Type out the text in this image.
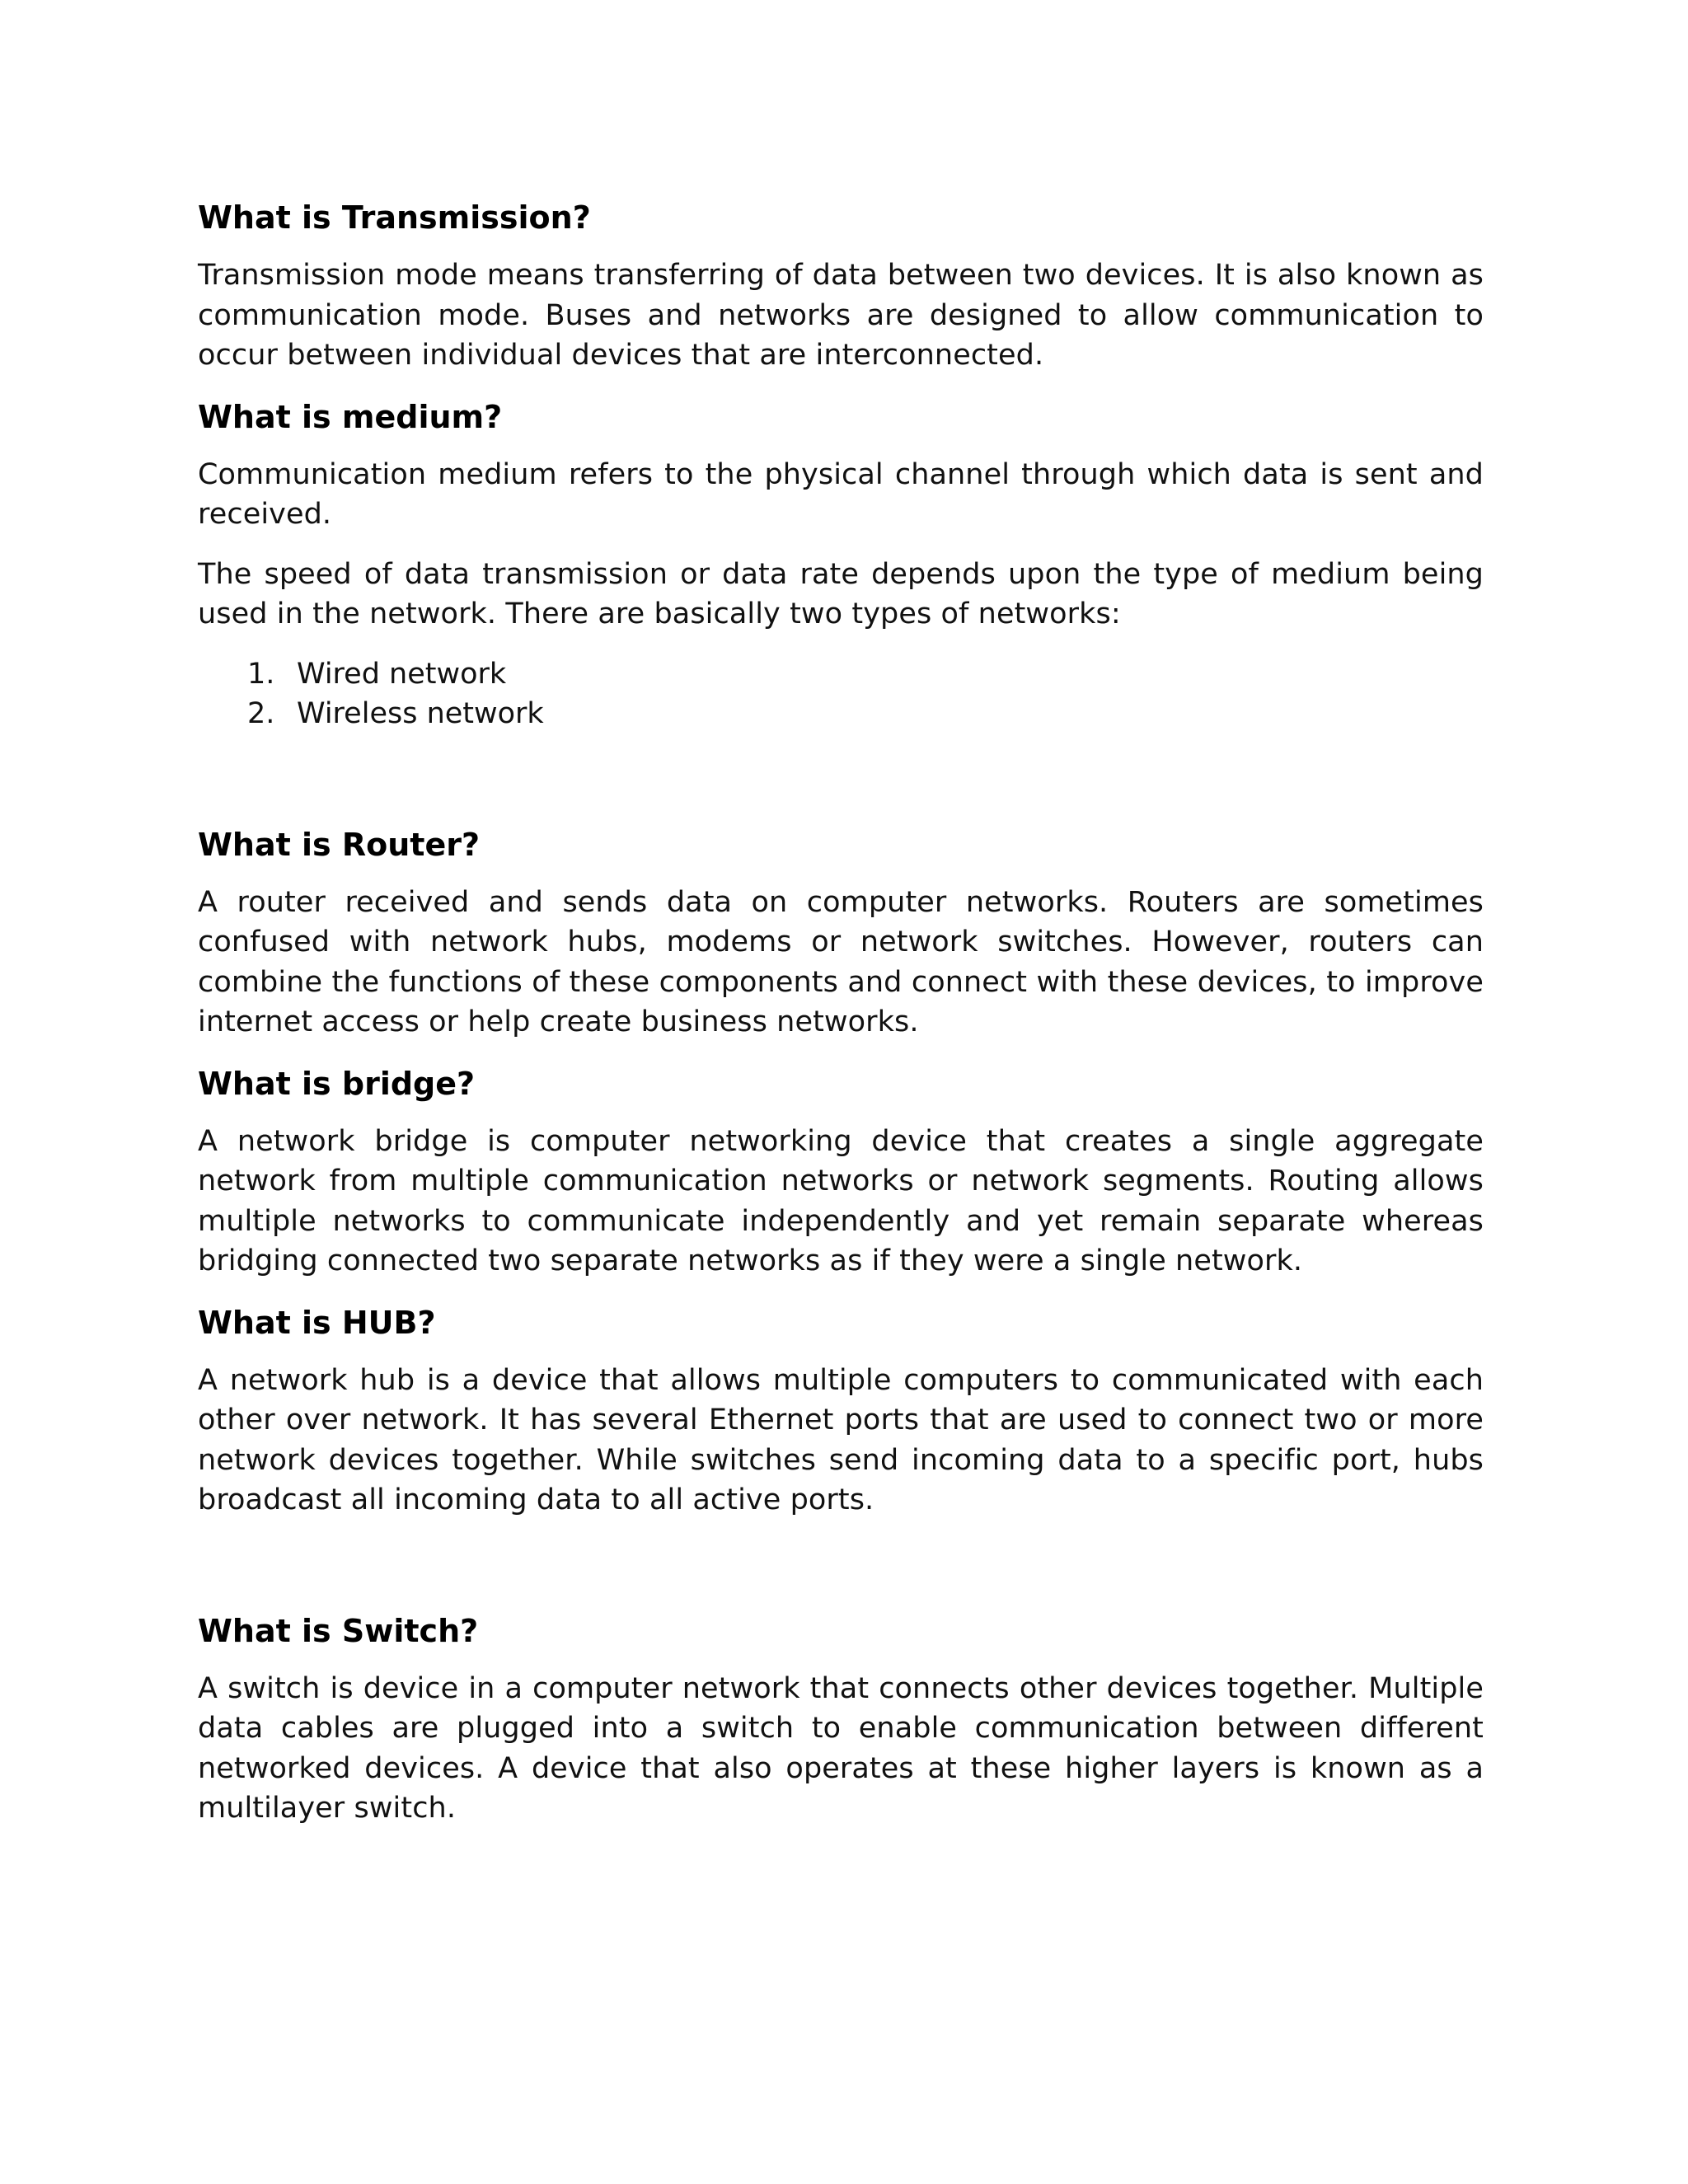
What is Transmission?

Transmission mode means transferring of data between two devices. It is also known as communication mode. Buses and networks are designed to allow communication to occur between individual devices that are interconnected.

What is medium?

Communication medium refers to the physical channel through which data is sent and received.

The speed of data transmission or data rate depends upon the type of medium being used in the network. There are basically two types of networks:

1. Wired network
2. Wireless network
What is Router?

A router received and sends data on computer networks. Routers are sometimes confused with network hubs, modems or network switches. However, routers can combine the functions of these components and connect with these devices, to improve internet access or help create business networks.

What is bridge?

A network bridge is computer networking device that creates a single aggregate network from multiple communication networks or network segments. Routing allows multiple networks to communicate independently and yet remain separate whereas bridging connected two separate networks as if they were a single network.

What is HUB?

A network hub is a device that allows multiple computers to communicated with each other over network. It has several Ethernet ports that are used to connect two or more network devices together. While switches send incoming data to a specific port, hubs broadcast all incoming data to all active ports.

What is Switch?

A switch is device in a computer network that connects other devices together. Multiple data cables are plugged into a switch to enable communication between different networked devices. A device that also operates at these higher layers is known as a multilayer switch.
